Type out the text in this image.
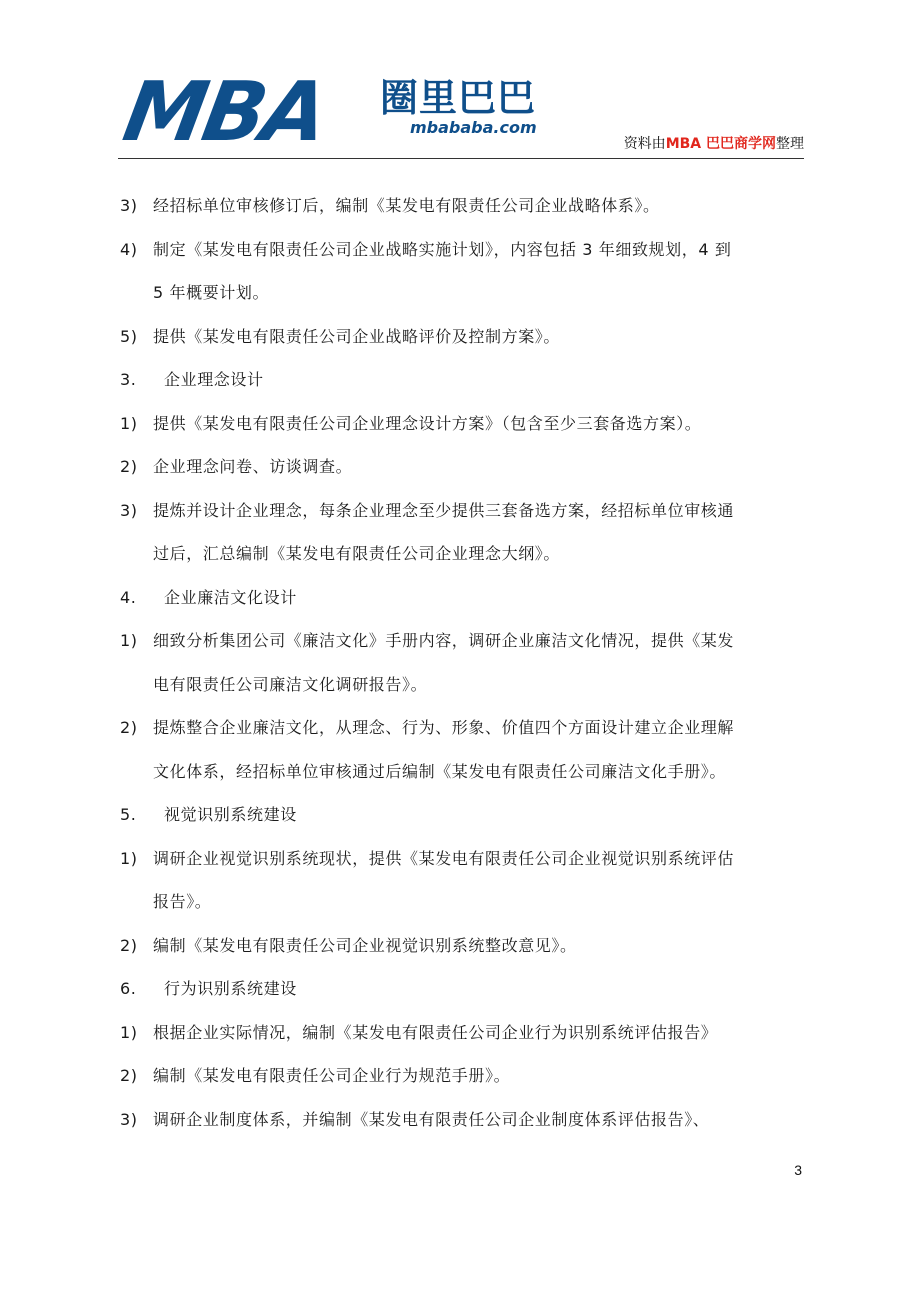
MBA 圈里巴巴
mbababa.com
资料由MBA 巴巴商学网整理
3) 经招标单位审核修订后，编制《某发电有限责任公司企业战略体系》。
4) 制定《某发电有限责任公司企业战略实施计划》，内容包括 3 年细致规划，4 到
5 年概要计划。
5) 提供《某发电有限责任公司企业战略评价及控制方案》。
3. 企业理念设计
1) 提供《某发电有限责任公司企业理念设计方案》（包含至少三套备选方案）。
2) 企业理念问卷、访谈调查。
3) 提炼并设计企业理念，每条企业理念至少提供三套备选方案，经招标单位审核通
过后，汇总编制《某发电有限责任公司企业理念大纲》。
4. 企业廉洁文化设计
1) 细致分析集团公司《廉洁文化》手册内容，调研企业廉洁文化情况，提供《某发
电有限责任公司廉洁文化调研报告》。
2) 提炼整合企业廉洁文化，从理念、行为、形象、价值四个方面设计建立企业理解
文化体系，经招标单位审核通过后编制《某发电有限责任公司廉洁文化手册》。
5. 视觉识别系统建设
1) 调研企业视觉识别系统现状，提供《某发电有限责任公司企业视觉识别系统评估
报告》。
2) 编制《某发电有限责任公司企业视觉识别系统整改意见》。
6. 行为识别系统建设
1) 根据企业实际情况，编制《某发电有限责任公司企业行为识别系统评估报告》
2) 编制《某发电有限责任公司企业行为规范手册》。
3) 调研企业制度体系，并编制《某发电有限责任公司企业制度体系评估报告》、
3
